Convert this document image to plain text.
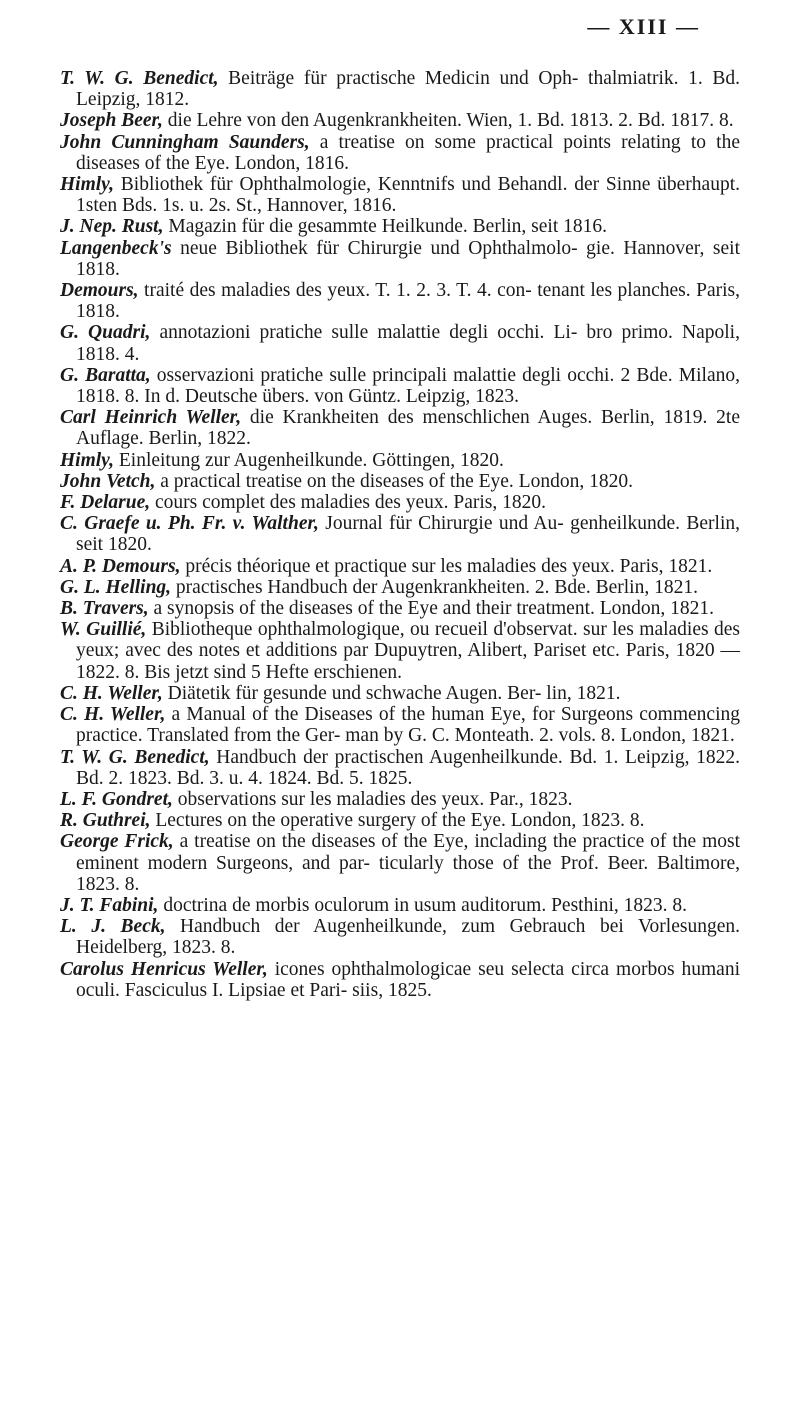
— XIII —
T. W. G. Benedict, Beiträge für practische Medicin und Oph- thalmiatrik. 1. Bd. Leipzig, 1812.
Joseph Beer, die Lehre von den Augenkrankheiten. Wien, 1. Bd. 1813. 2. Bd. 1817. 8.
John Cunningham Saunders, a treatise on some practical points relating to the diseases of the Eye. London, 1816.
Himly, Bibliothek für Ophthalmologie, Kenntnifs und Behandl. der Sinne überhaupt. 1sten Bds. 1s. u. 2s. St., Hannover, 1816.
J. Nep. Rust, Magazin für die gesammte Heilkunde. Berlin, seit 1816.
Langenbeck's neue Bibliothek für Chirurgie und Ophthalmolo- gie. Hannover, seit 1818.
Demours, traité des maladies des yeux. T. 1. 2. 3. T. 4. con- tenant les planches. Paris, 1818.
G. Quadri, annotazioni pratiche sulle malattie degli occhi. Li- bro primo. Napoli, 1818. 4.
G. Baratta, osservazioni pratiche sulle principali malattie degli occhi. 2 Bde. Milano, 1818. 8. In d. Deutsche übers. von Güntz. Leipzig, 1823.
Carl Heinrich Weller, die Krankheiten des menschlichen Auges. Berlin, 1819. 2te Auflage. Berlin, 1822.
Himly, Einleitung zur Augenheilkunde. Göttingen, 1820.
John Vetch, a practical treatise on the diseases of the Eye. London, 1820.
F. Delarue, cours complet des maladies des yeux. Paris, 1820.
C. Graefe u. Ph. Fr. v. Walther, Journal für Chirurgie und Au- genheilkunde. Berlin, seit 1820.
A. P. Demours, précis théorique et practique sur les maladies des yeux. Paris, 1821.
G. L. Helling, practisches Handbuch der Augenkrankheiten. 2. Bde. Berlin, 1821.
B. Travers, a synopsis of the diseases of the Eye and their treatment. London, 1821.
W. Guillié, Bibliotheque ophthalmologique, ou recueil d'observat. sur les maladies des yeux; avec des notes et additions par Dupuytren, Alibert, Pariset etc. Paris, 1820 — 1822. 8. Bis jetzt sind 5 Hefte erschienen.
C. H. Weller, Diätetik für gesunde und schwache Augen. Ber- lin, 1821.
C. H. Weller, a Manual of the Diseases of the human Eye, for Surgeons commencing practice. Translated from the Ger- man by G. C. Monteath. 2. vols. 8. London, 1821.
T. W. G. Benedict, Handbuch der practischen Augenheilkunde. Bd. 1. Leipzig, 1822. Bd. 2. 1823. Bd. 3. u. 4. 1824. Bd. 5. 1825.
L. F. Gondret, observations sur les maladies des yeux. Par., 1823.
R. Guthrei, Lectures on the operative surgery of the Eye. London, 1823. 8.
George Frick, a treatise on the diseases of the Eye, inclading the practice of the most eminent modern Surgeons, and par- ticularly those of the Prof. Beer. Baltimore, 1823. 8.
J. T. Fabini, doctrina de morbis oculorum in usum auditorum. Pesthini, 1823. 8.
L. J. Beck, Handbuch der Augenheilkunde, zum Gebrauch bei Vorlesungen. Heidelberg, 1823. 8.
Carolus Henricus Weller, icones ophthalmologicae seu selecta circa morbos humani oculi. Fasciculus I. Lipsiae et Pari- siis, 1825.
